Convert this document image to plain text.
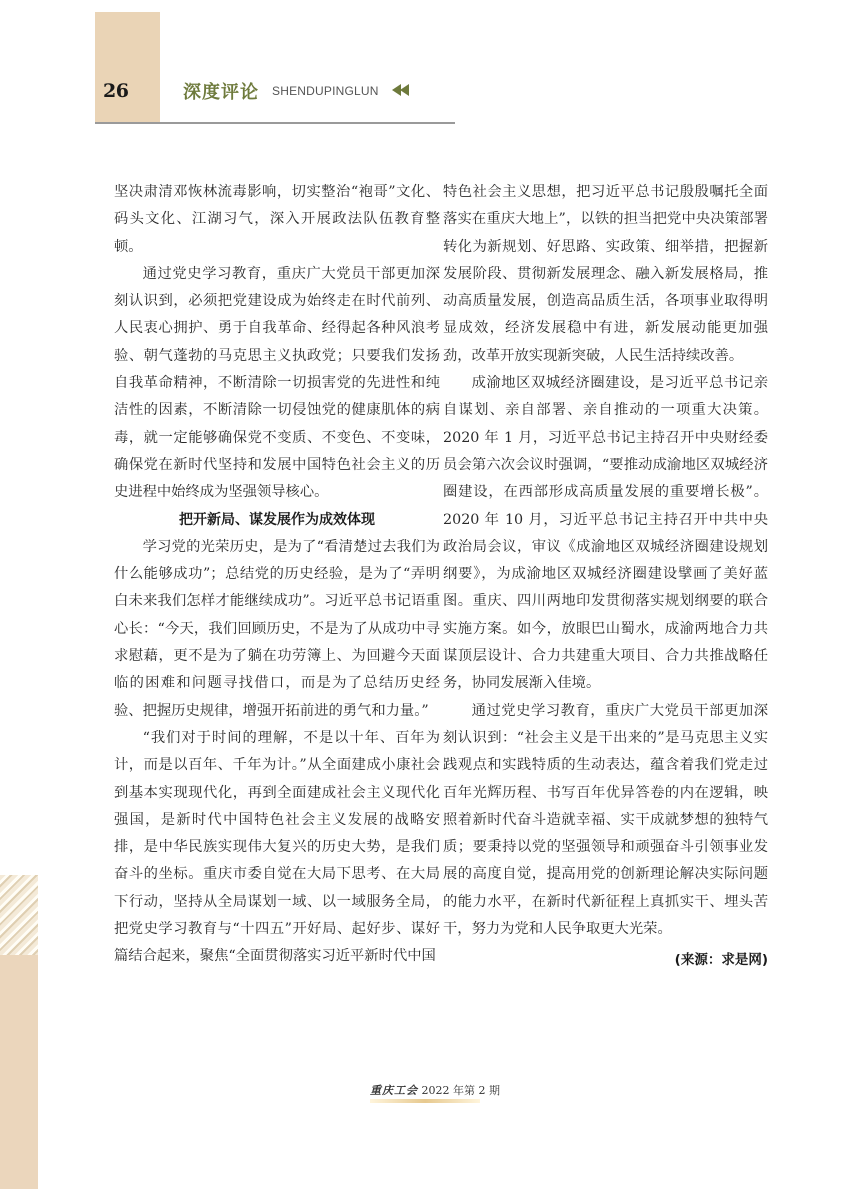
26	深度评论 SHENDUPINGLUN

坚决肃清邓恢林流毒影响，切实整治“袍哥”文化、码头文化、江湖习气，深入开展政法队伍教育整顿。

通过党史学习教育，重庆广大党员干部更加深刻认识到，必须把党建设成为始终走在时代前列、人民衷心拥护、勇于自我革命、经得起各种风浪考验、朝气蓬勃的马克思主义执政党；只要我们发扬自我革命精神，不断清除一切损害党的先进性和纯洁性的因素，不断清除一切侵蚀党的健康肌体的病毒，就一定能够确保党不变质、不变色、不变味，确保党在新时代坚持和发展中国特色社会主义的历史进程中始终成为坚强领导核心。

把开新局、谋发展作为成效体现

学习党的光荣历史，是为了“看清楚过去我们为什么能够成功”；总结党的历史经验，是为了“弄明白未来我们怎样才能继续成功”。习近平总书记语重心长：“今天，我们回顾历史，不是为了从成功中寻求慰藉，更不是为了躺在功劳簿上、为回避今天面临的困难和问题寻找借口，而是为了总结历史经验、把握历史规律，增强开拓前进的勇气和力量。”

“我们对于时间的理解，不是以十年、百年为计，而是以百年、千年为计。”从全面建成小康社会到基本实现现代化，再到全面建成社会主义现代化强国，是新时代中国特色社会主义发展的战略安排，是中华民族实现伟大复兴的历史大势，是我们奋斗的坐标。重庆市委自觉在大局下思考、在大局下行动，坚持从全局谋划一域、以一域服务全局，把党史学习教育与“十四五”开好局、起好步、谋好篇结合起来，聚焦“全面贯彻落实习近平新时代中国

特色社会主义思想，把习近平总书记殷殷嘱托全面落实在重庆大地上”，以铁的担当把党中央决策部署转化为新规划、好思路、实政策、细举措，把握新发展阶段、贯彻新发展理念、融入新发展格局，推动高质量发展，创造高品质生活，各项事业取得明显成效，经济发展稳中有进，新发展动能更加强劲，改革开放实现新突破，人民生活持续改善。

成渝地区双城经济圈建设，是习近平总书记亲自谋划、亲自部署、亲自推动的一项重大决策。2020 年 1 月，习近平总书记主持召开中央财经委员会第六次会议时强调，“要推动成渝地区双城经济圈建设，在西部形成高质量发展的重要增长极”。2020 年 10 月，习近平总书记主持召开中共中央政治局会议，审议《成渝地区双城经济圈建设规划纲要》，为成渝地区双城经济圈建设擘画了美好蓝图。重庆、四川两地印发贯彻落实规划纲要的联合实施方案。如今，放眼巴山蜀水，成渝两地合力共谋顶层设计、合力共建重大项目、合力共推战略任务，协同发展渐入佳境。

通过党史学习教育，重庆广大党员干部更加深刻认识到：“社会主义是干出来的”是马克思主义实践观点和实践特质的生动表达，蕴含着我们党走过百年光辉历程、书写百年优异答卷的内在逻辑，映照着新时代奋斗造就幸福、实干成就梦想的独特气质；要秉持以党的坚强领导和顽强奋斗引领事业发展的高度自觉，提高用党的创新理论解决实际问题的能力水平，在新时代新征程上真抓实干、埋头苦干，努力为党和人民争取更大光荣。

(来源：求是网)

重庆工会 2022 年第 2 期
